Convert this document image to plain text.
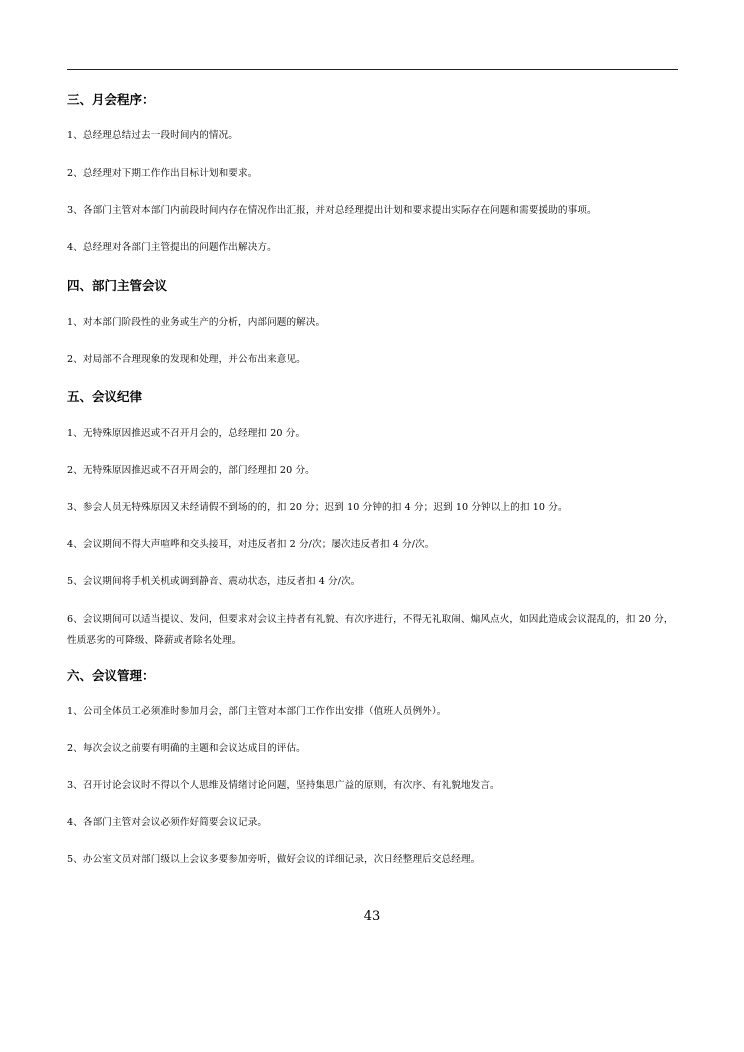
三、月会程序：
1、总经理总结过去一段时间内的情况。
2、总经理对下期工作作出目标计划和要求。
3、各部门主管对本部门内前段时间内存在情况作出汇报，并对总经理提出计划和要求提出实际存在问题和需要援助的事项。
4、总经理对各部门主管提出的问题作出解决方。
四、部门主管会议
1、对本部门阶段性的业务或生产的分析，内部问题的解决。
2、对局部不合理现象的发现和处理，并公布出来意见。
五、会议纪律
1、无特殊原因推迟或不召开月会的，总经理扣 20 分。
2、无特殊原因推迟或不召开周会的，部门经理扣 20 分。
3、参会人员无特殊原因又未经请假不到场的的，扣 20 分；迟到 10 分钟的扣 4 分；迟到 10 分钟以上的扣 10 分。
4、会议期间不得大声喧哗和交头接耳，对违反者扣 2 分/次；屡次违反者扣 4 分/次。
5、会议期间将手机关机或调到静音、震动状态，违反者扣 4 分/次。
6、会议期间可以适当提议、发问，但要求对会议主持者有礼貌、有次序进行，不得无礼取闹、煽风点火，如因此造成会议混乱的，扣 20 分，性质恶劣的可降级、降薪或者除名处理。
六、会议管理：
1、公司全体员工必须准时参加月会，部门主管对本部门工作作出安排（值班人员例外）。
2、每次会议之前要有明确的主题和会议达成目的评估。
3、召开讨论会议时不得以个人思维及情绪讨论问题，坚持集思广益的原则，有次序、有礼貌地发言。
4、各部门主管对会议必须作好简要会议记录。
5、办公室文员对部门级以上会议多要参加旁听，做好会议的详细记录，次日经整理后交总经理。
43
